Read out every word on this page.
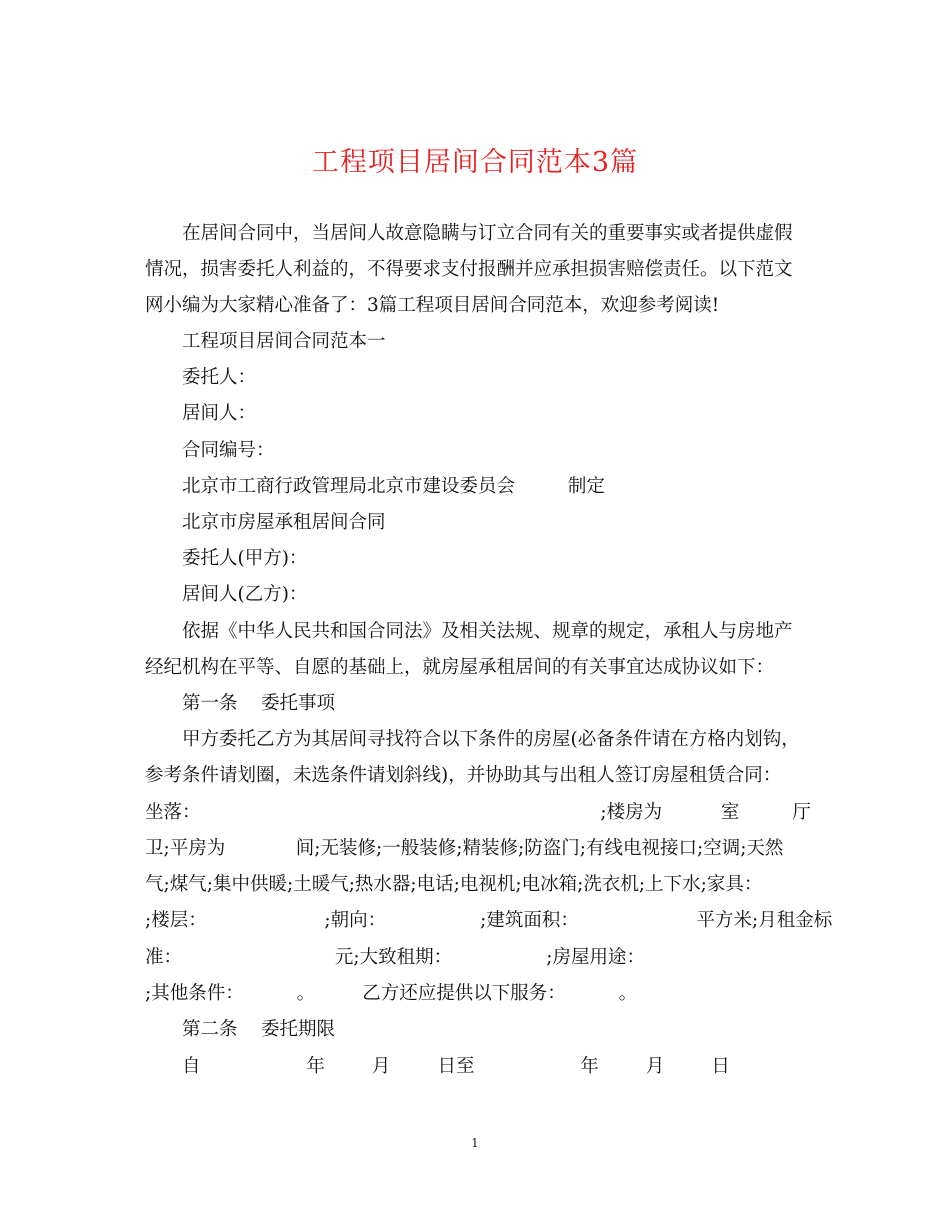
工程项目居间合同范本3篇
在居间合同中，当居间人故意隐瞒与订立合同有关的重要事实或者提供虚假
情况，损害委托人利益的，不得要求支付报酬并应承担损害赔偿责任。以下范文
网小编为大家精心准备了：3篇工程项目居间合同范本，欢迎参考阅读!
工程项目居间合同范本一
委托人：
居间人：
合同编号：
北京市工商行政管理局北京市建设委员会         制定
北京市房屋承租居间合同
委托人(甲方)：
居间人(乙方)：
依据《中华人民共和国合同法》及相关法规、规章的规定，承租人与房地产
经纪机构在平等、自愿的基础上，就房屋承租居间的有关事宜达成协议如下：
第一条    委托事项
甲方委托乙方为其居间寻找符合以下条件的房屋(必备条件请在方格内划钩，
参考条件请划圈，未选条件请划斜线)，并协助其与出租人签订房屋租赁合同：
坐落：                                                                    ;楼房为          室         厅
卫;平房为            间;无装修;一般装修;精装修;防盗门;有线电视接口;空调;天然
气;煤气;集中供暖;土暖气;热水器;电话;电视机;电冰箱;洗衣机;上下水;家具：
;楼层：                    ;朝向：                ;建筑面积：                    平方米;月租金标
准：                          元;大致租期：                ;房屋用途：
;其他条件：         。        乙方还应提供以下服务：         。
第二条    委托期限
自                  年        月        日至                  年        月        日
1
